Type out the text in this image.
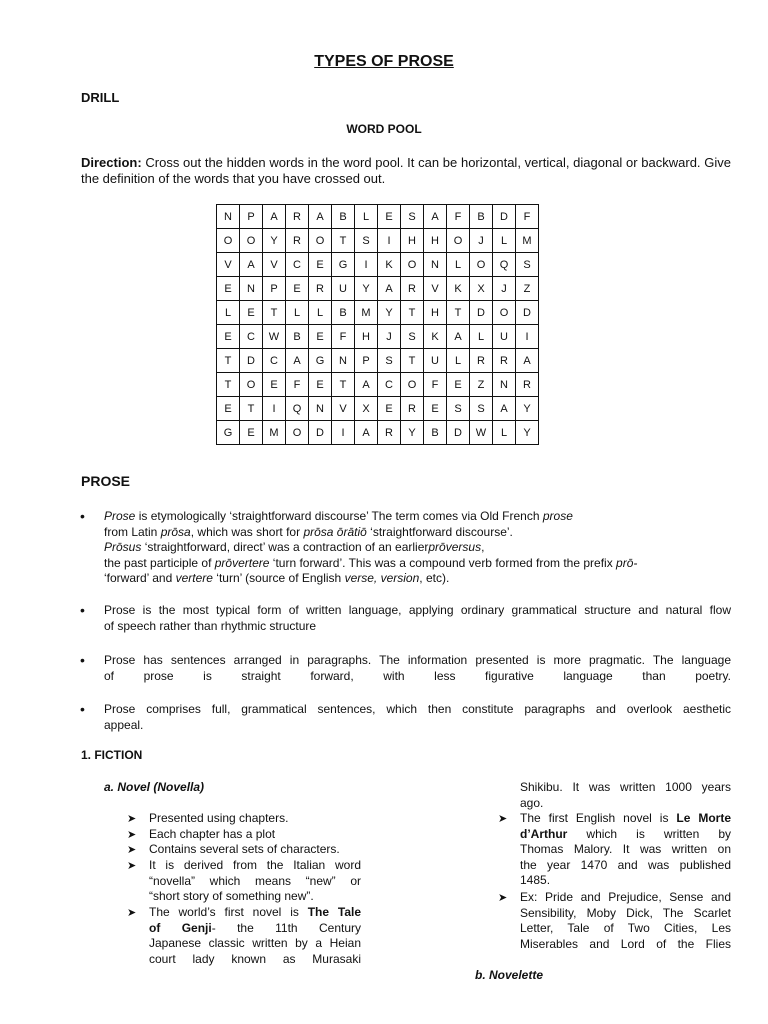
TYPES OF PROSE
DRILL
WORD POOL
Direction: Cross out the hidden words in the word pool. It can be horizontal, vertical, diagonal or backward. Give the definition of the words that you have crossed out.
N	P	A	R	A	B	L	E	S	A	F	B	D	F
O	O	Y	R	O	T	S	I	H	H	O	J	L	M
V	A	V	C	E	G	I	K	O	N	L	O	Q	S
E	N	P	E	R	U	Y	A	R	V	K	X	J	Z
L	E	T	L	L	B	M	Y	T	H	T	D	O	D
E	C	W	B	E	F	H	J	S	K	A	L	U	I
T	D	C	A	G	N	P	S	T	U	L	R	R	A
T	O	E	F	E	T	A	C	O	F	E	Z	N	R
E	T	I	Q	N	V	X	E	R	E	S	S	A	Y
G	E	M	O	D	I	A	R	Y	B	D	W	L	Y
PROSE
• Prose is etymologically ‘straightforward discourse’ The term comes via Old French prose
from Latin prōsa, which was short for prōsa ōrātiō ‘straightforward discourse’.
Prōsus ‘straightforward, direct’ was a contraction of an earlierprōversus,
the past participle of prōvertere ‘turn forward’. This was a compound verb formed from the prefix prō-
‘forward’ and vertere ‘turn’ (source of English verse, version, etc).
• Prose is the most typical form of written language, applying ordinary grammatical structure and natural flow
of speech rather than rhythmic structure
• Prose has sentences arranged in paragraphs. The information presented is more pragmatic. The language
of prose is straight forward, with less figurative language than poetry.
• Prose comprises full, grammatical sentences, which then constitute paragraphs and overlook aesthetic
appeal.
1. FICTION
a. Novel (Novella)
➤ Presented using chapters.
➤ Each chapter has a plot
➤ Contains several sets of characters.
➤ It is derived from the Italian word
“novella” which means “new” or
“short story of something new”.
➤ The world’s first novel is The Tale
of Genji- the 11th Century
Japanese classic written by a Heian
court lady known as Murasaki
Shikibu. It was written 1000 years
ago.
➤ The first English novel is Le Morte
d’Arthur which is written by
Thomas Malory. It was written on
the year 1470 and was published
1485.
➤ Ex: Pride and Prejudice, Sense and
Sensibility, Moby Dick, The Scarlet
Letter, Tale of Two Cities, Les
Miserables and Lord of the Flies
b. Novelette
